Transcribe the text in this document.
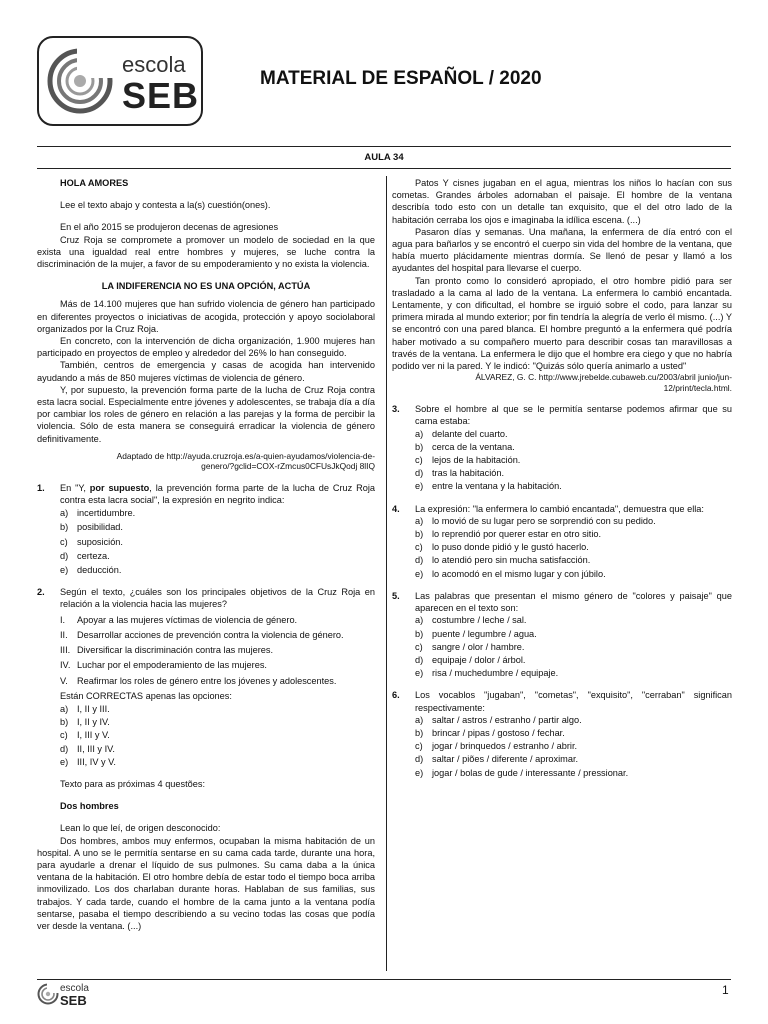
escola
SEB	MATERIAL DE ESPAÑOL / 2020
AULA 34

HOLA AMORES

Lee el texto abajo y contesta a la(s) cuestión(ones).

En el año 2015 se produjeron decenas de agresiones

Cruz Roja se compromete a promover un modelo de sociedad en la que exista una igualdad real entre hombres y mujeres, se luche contra la discriminación de la mujer, a favor de su empoderamiento y no exista la violencia.

LA INDIFERENCIA NO ES UNA OPCIÓN, ACTÚA

Más de 14.100 mujeres que han sufrido violencia de género han participado en diferentes proyectos o iniciativas de acogida, protección y apoyo sociolaboral organizados por la Cruz Roja.

En concreto, con la intervención de dicha organización, 1.900 mujeres han participado en proyectos de empleo y alrededor del 26% lo han conseguido.

También, centros de emergencia y casas de acogida han intervenido ayudando a más de 850 mujeres víctimas de violencia de género.

Y, por supuesto, la prevención forma parte de la lucha de Cruz Roja contra esta lacra social. Especialmente entre jóvenes y adolescentes, se trabaja día a día por cambiar los roles de género en relación a las parejas y la forma de percibir la violencia. Sólo de esta manera se conseguirá erradicar la violencia de género definitivamente.

Adaptado de http://ayuda.cruzroja.es/a-quien-ayudamos/violencia-de-genero/?gclid=COX-rZmcus0CFUsJkQodj 8lIQ

1. En "Y, por supuesto, la prevención forma parte de la lucha de Cruz Roja contra esta lacra social", la expresión en negrito indica:
a) incertidumbre.
b) posibilidad.
c) suposición.
d) certeza.
e) deducción.
2. Según el texto, ¿cuáles son los principales objetivos de la Cruz Roja en relación a la violencia hacia las mujeres?
I. Apoyar a las mujeres víctimas de violencia de género.
II. Desarrollar acciones de prevención contra la violencia de género.
III. Diversificar la discriminación contra las mujeres.
IV. Luchar por el empoderamiento de las mujeres.
V. Reafirmar los roles de género entre los jóvenes y adolescentes.

Están CORRECTAS apenas las opciones:

a) I, II y III.
b) I, II y IV.
c) I, III y V.
d) II, III y IV.
e) III, IV y V.

Texto para as próximas 4 questões:

Dos hombres

Lean lo que leí, de origen desconocido:

Dos hombres, ambos muy enfermos, ocupaban la misma habitación de un hospital. A uno se le permitía sentarse en su cama cada tarde, durante una hora, para ayudarle a drenar el líquido de sus pulmones. Su cama daba a la única ventana de la habitación. El otro hombre debía de estar todo el tiempo boca arriba inmovilizado. Los dos charlaban durante horas. Hablaban de sus familias, sus trabajos. Y cada tarde, cuando el hombre de la cama junto a la ventana podía sentarse, pasaba el tiempo describiendo a su vecino todas las cosas que podía ver desde la ventana. (...)

Patos Y cisnes jugaban en el agua, mientras los niños lo hacían con sus cometas. Grandes árboles adornaban el paisaje. El hombre de la ventana describía todo esto con un detalle tan exquisito, que el del otro lado de la habitación cerraba los ojos e imaginaba la idílica escena. (...)

Pasaron días y semanas. Una mañana, la enfermera de día entró con el agua para bañarlos y se encontró el cuerpo sin vida del hombre de la ventana, que había muerto plácidamente mientras dormía. Se llenó de pesar y llamó a los ayudantes del hospital para llevarse el cuerpo.

Tan pronto como lo consideró apropiado, el otro hombre pidió para ser trasladado a la cama al lado de la ventana. La enfermera lo cambió encantada. Lentamente, y con dificultad, el hombre se irguió sobre el codo, para lanzar su primera mirada al mundo exterior; por fin tendría la alegría de verlo él mismo. (...) Y se encontró con una pared blanca. El hombre preguntó a la enfermera qué podría haber motivado a su compañero muerto para describir cosas tan maravillosas a través de la ventana. La enfermera le dijo que el hombre era ciego y que no habría podido ver ni la pared. Y le indicó: "Quizás sólo quería animarlo a usted"

ÁLVAREZ, G. C. http://www.jrebelde.cubaweb.cu/2003/abril junio/jun-12/print/tecla.html.

3. Sobre el hombre al que se le permitía sentarse podemos afirmar que su cama estaba:
a) delante del cuarto.
b) cerca de la ventana.
c) lejos de la habitación.
d) tras la habitación.
e) entre la ventana y la habitación.
4. La expresión: "la enfermera lo cambió encantada", demuestra que ella:
a) lo movió de su lugar pero se sorprendió con su pedido.
b) lo reprendió por querer estar en otro sitio.
c) lo puso donde pidió y le gustó hacerlo.
d) lo atendió pero sin mucha satisfacción.
e) lo acomodó en el mismo lugar y con júbilo.
5. Las palabras que presentan el mismo género de "colores y paisaje" que aparecen en el texto son:
a) costumbre / leche / sal.
b) puente / legumbre / agua.
c) sangre / olor / hambre.
d) equipaje / dolor / árbol.
e) risa / muchedumbre / equipaje.
6. Los vocablos "jugaban", "cometas", "exquisito", "cerraban" significan respectivamente:
a) saltar / astros / estranho / partir algo.
b) brincar / pipas / gostoso / fechar.
c) jogar / brinquedos / estranho / abrir.
d) saltar / piões / diferente / aproximar.
e) jogar / bolas de gude / interessante / pressionar.
escola
SEB
1
